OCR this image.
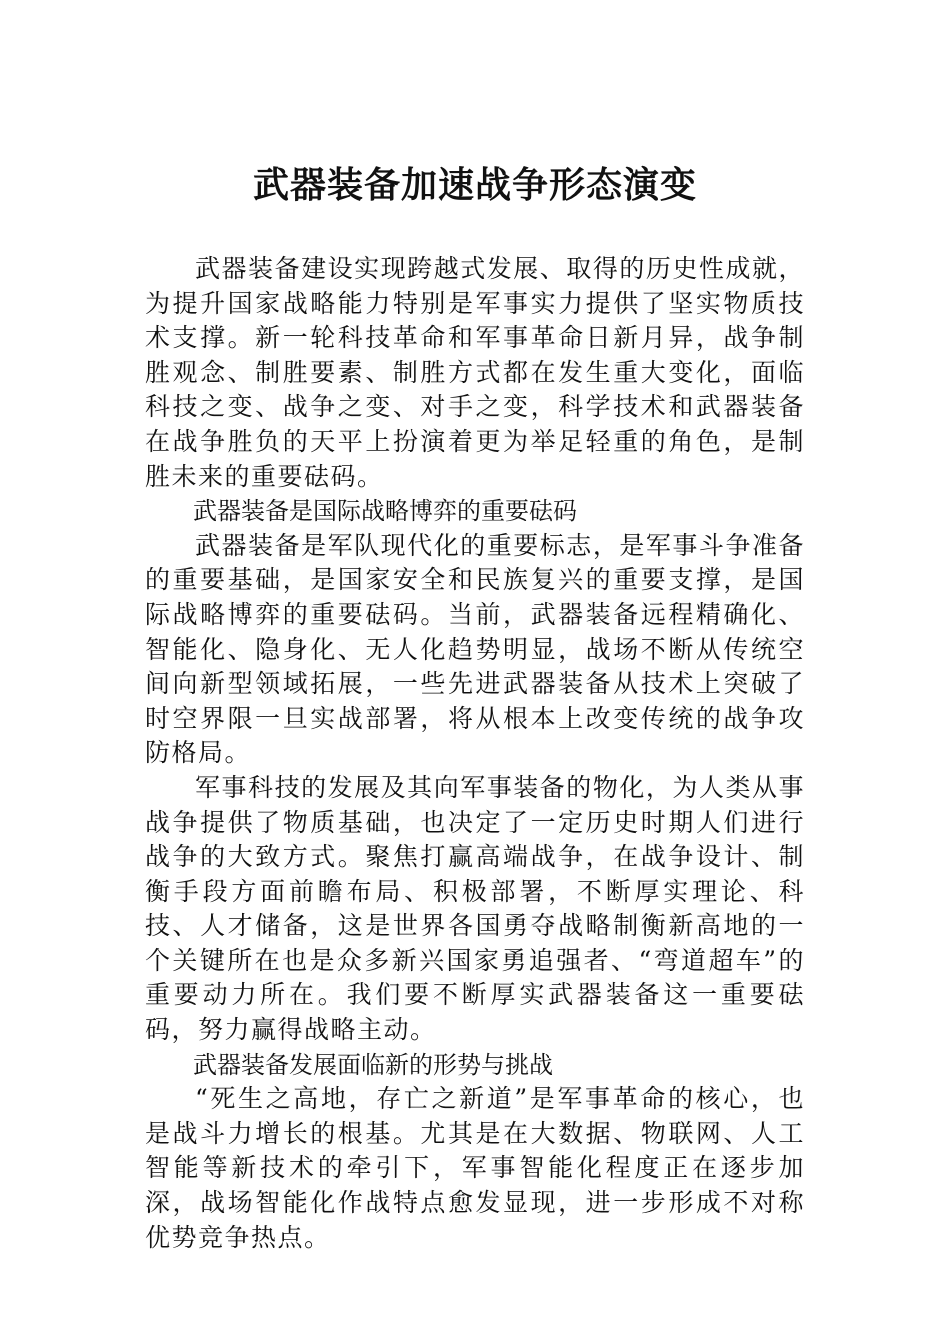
武器装备加速战争形态演变

武器装备建设实现跨越式发展、取得的历史性成就，为提升国家战略能力特别是军事实力提供了坚实物质技术支撑。新一轮科技革命和军事革命日新月异，战争制胜观念、制胜要素、制胜方式都在发生重大变化，面临科技之变、战争之变、对手之变，科学技术和武器装备在战争胜负的天平上扮演着更为举足轻重的角色，是制胜未来的重要砝码。

武器装备是国际战略博弈的重要砝码

武器装备是军队现代化的重要标志，是军事斗争准备的重要基础，是国家安全和民族复兴的重要支撑，是国际战略博弈的重要砝码。当前，武器装备远程精确化、智能化、隐身化、无人化趋势明显，战场不断从传统空间向新型领域拓展，一些先进武器装备从技术上突破了时空界限一旦实战部署，将从根本上改变传统的战争攻防格局。

军事科技的发展及其向军事装备的物化，为人类从事战争提供了物质基础，也决定了一定历史时期人们进行战争的大致方式。聚焦打赢高端战争，在战争设计、制衡手段方面前瞻布局、积极部署，不断厚实理论、科技、人才储备，这是世界各国勇夺战略制衡新高地的一个关键所在也是众多新兴国家勇追强者、“弯道超车”的重要动力所在。我们要不断厚实武器装备这一重要砝码，努力赢得战略主动。

武器装备发展面临新的形势与挑战

“死生之高地，存亡之新道”是军事革命的核心，也是战斗力增长的根基。尤其是在大数据、物联网、人工智能等新技术的牵引下，军事智能化程度正在逐步加深，战场智能化作战特点愈发显现，进一步形成不对称优势竞争热点。
